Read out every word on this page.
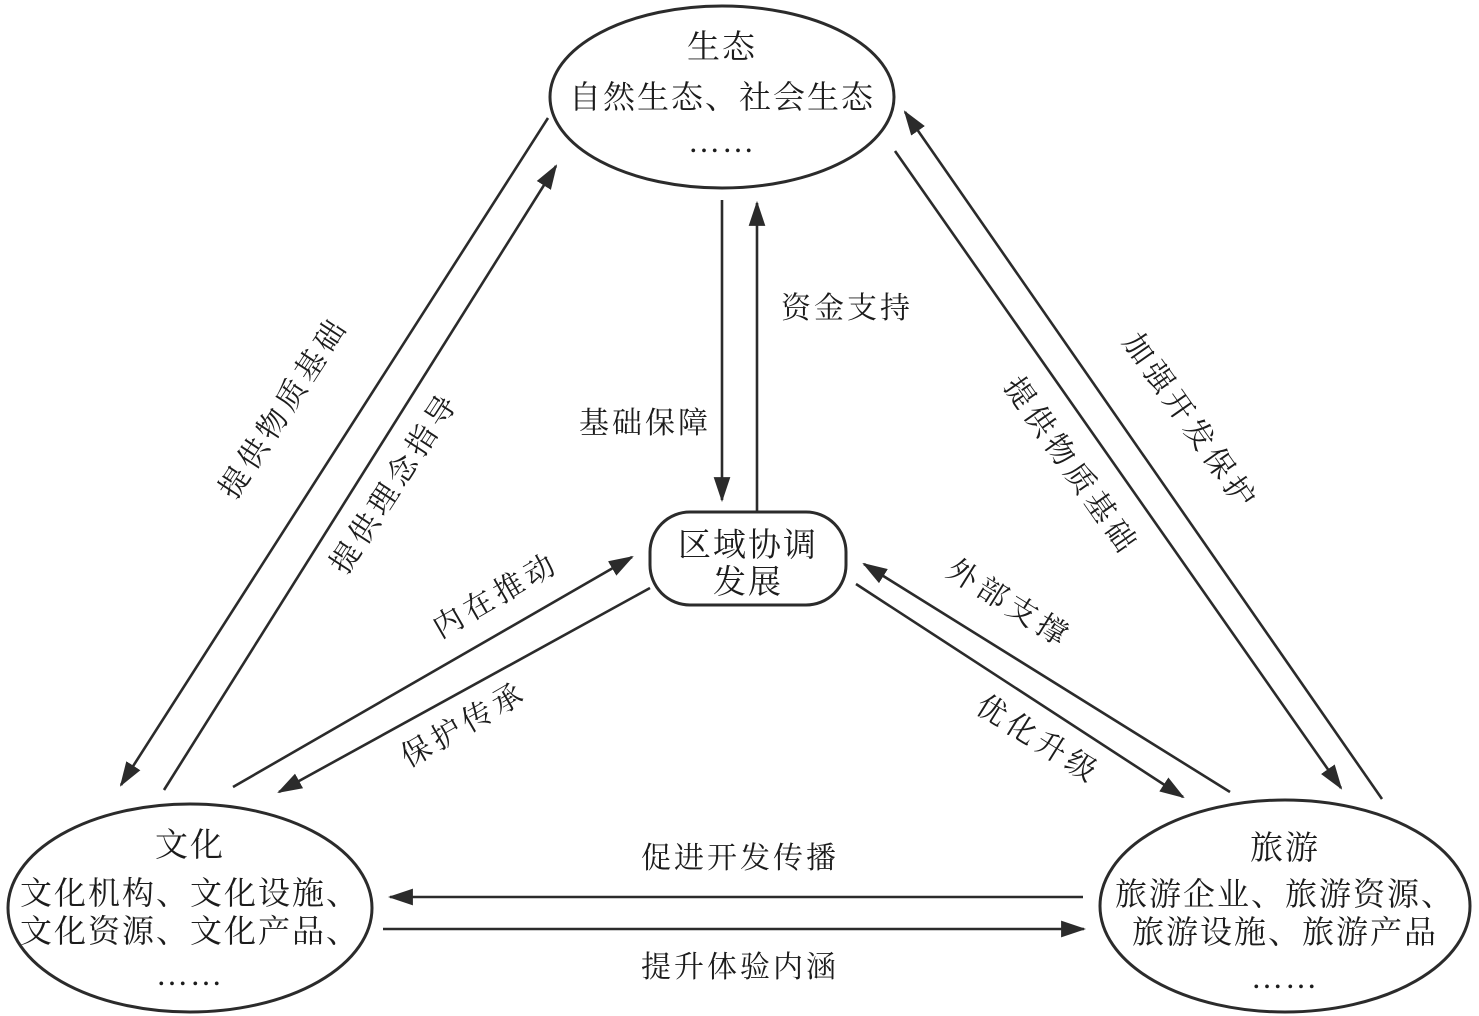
资金支持
基础保障
提供物质基础
提供理念指导
内在推动
保护传承
外部支撑
优化升级
加强开发保护
提供物质基础
促进开发传播
提升体验内涵
生态
自然生态、社会生态
……
文化
文化机构、文化设施、
文化资源、文化产品、
……
旅游
旅游企业、旅游资源、
旅游设施、旅游产品
……
区域协调
发展
